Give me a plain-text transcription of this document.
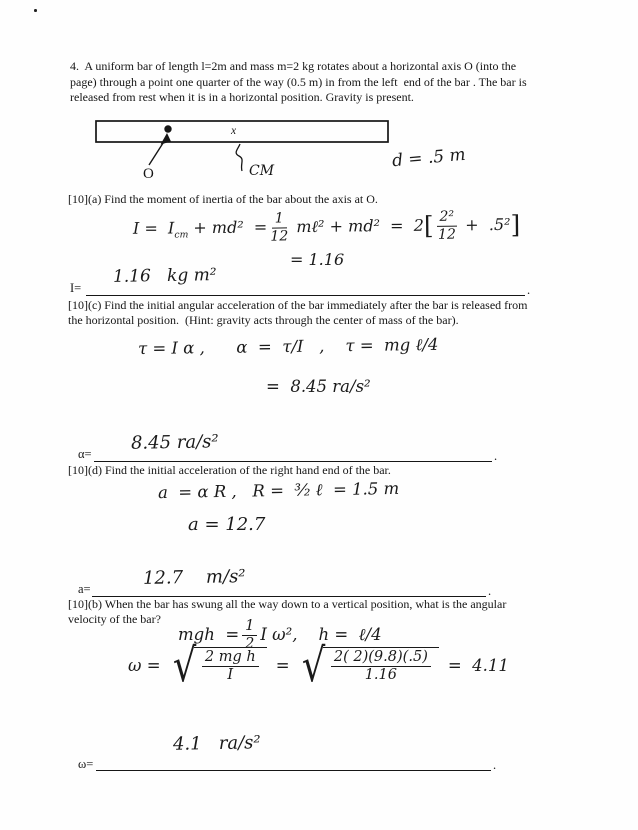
4.  A uniform bar of length l=2m and mass m=2 kg rotates about a horizontal axis O (into the
page) through a point one quarter of the way (0.5 m) in from the left  end of the bar . The bar is
released from rest when it is in a horizontal position. Gravity is present.
x
O	CM	d = .5 m
[10](a) Find the moment of inertia of the bar about the axis at O.
$I = I_{cm} + md^2 = \frac{1}{12}$ mℓ² + $md^2 = 2[ \frac{\text{2²}}{12} + .5^2]$
= 1.16
I=
1.16   kg m²
.
[10](c) Find the initial angular acceleration of the bar immediately after the bar is released from
the horizontal position.  (Hint: gravity acts through the center of mass of the bar).
τ = I α ,      α  =  τ/I   ,    τ =  mg ℓ/4
=  8.45 ra/s²
α=
8.45 ra/s²
.
[10](d) Find the initial acceleration of the right hand end of the bar.
a  = α R ,   R =  ³⁄₂ ℓ  = 1.5 m
a = 12.7
a=
12.7    m/s²
.
[10](b) When the bar has swung all the way down to a vertical position, what is the angular
velocity of the bar?
mgh  = $\frac{1}{2}$ I ω²,    h =  ℓ/4
ω = √ $\frac{\text{2 mg h}}{I}$ = √ $\frac{2( 2)(9.8)(.5)}{1.16} = 4.11$
ω=
4.1   ra/s²
.
